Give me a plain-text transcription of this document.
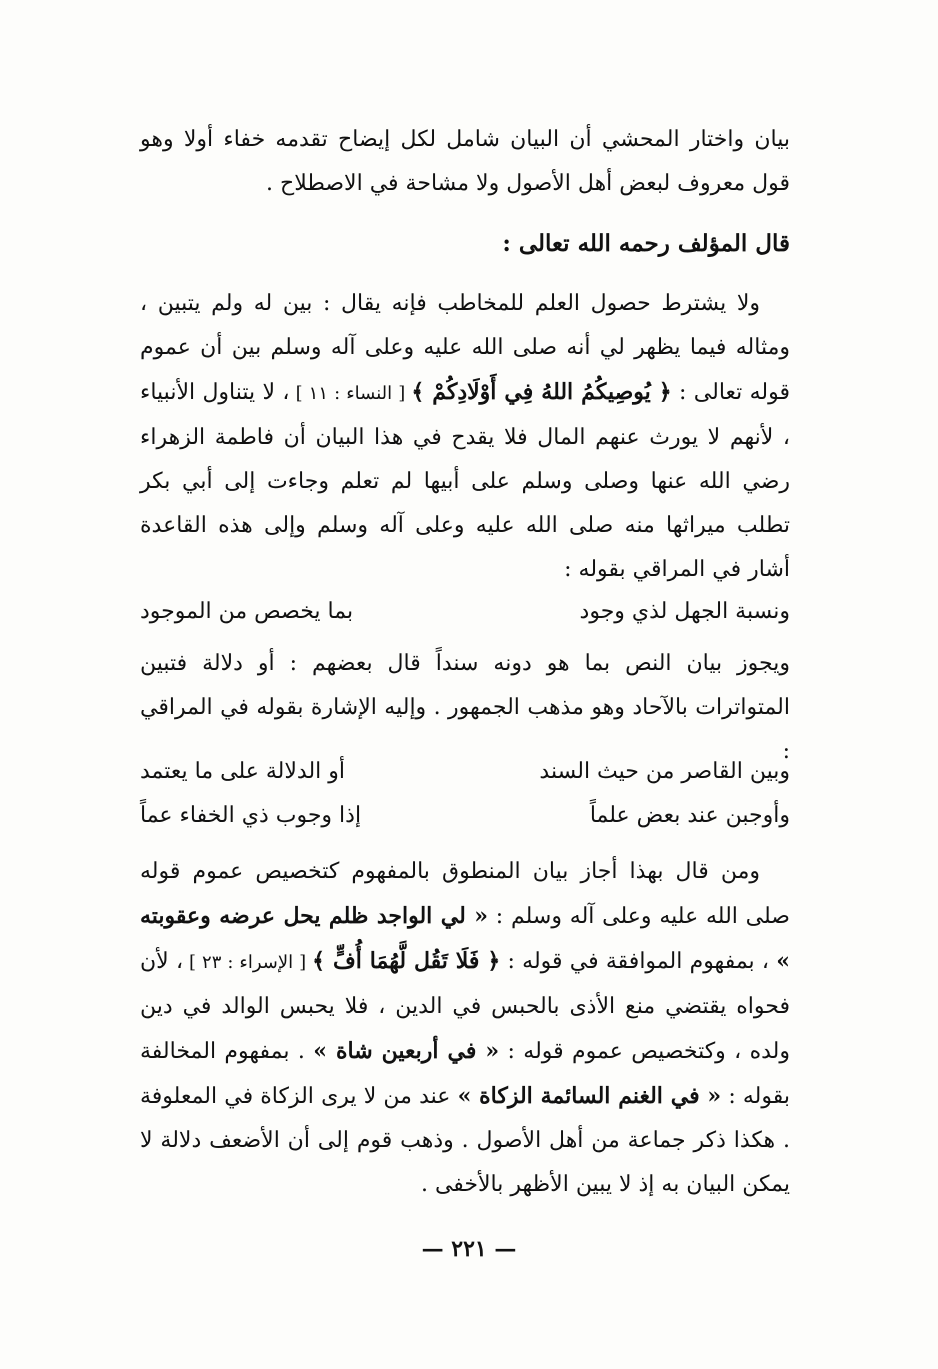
بيان واختار المحشي أن البيان شامل لكل إيضاح تقدمه خفاء أولا وهو قول معروف لبعض أهل الأصول ولا مشاحة في الاصطلاح .

قال المؤلف رحمه الله تعالى :

ولا يشترط حصول العلم للمخاطب فإنه يقال : بين له ولم يتبين ، ومثاله فيما يظهر لي أنه صلى الله عليه وعلى آله وسلم بين أن عموم قوله تعالى : ﴿ يُوصِيكُمُ اللهُ فِي أَوْلَادِكُمْ ﴾ [ النساء : ١١ ] ، لا يتناول الأنبياء ، لأنهم لا يورث عنهم المال فلا يقدح في هذا البيان أن فاطمة الزهراء رضي الله عنها وصلى وسلم على أبيها لم تعلم وجاءت إلى أبي بكر تطلب ميراثها منه صلى الله عليه وعلى آله وسلم وإلى هذه القاعدة أشار في المراقي بقوله :

ونسبة الجهل لذي وجود
بما يخصص من الموجود

ويجوز بيان النص بما هو دونه سنداً قال بعضهم : أو دلالة فتبين المتواترات بالآحاد وهو مذهب الجمهور . وإليه الإشارة بقوله في المراقي :

وبين القاصر من حيث السند
أو الدلالة على ما يعتمد
وأوجبن عند بعض علماً
إذا وجوب ذي الخفاء عماً

ومن قال بهذا أجاز بيان المنطوق بالمفهوم كتخصيص عموم قوله صلى الله عليه وعلى آله وسلم : « لي الواجد ظلم يحل عرضه وعقوبته » ، بمفهوم الموافقة في قوله : ﴿ فَلَا تَقُل لَّهُمَا أُفٍّ ﴾ [ الإسراء : ٢٣ ] ، لأن فحواه يقتضي منع الأذى بالحبس في الدين ، فلا يحبس الوالد في دين ولده ، وكتخصيص عموم قوله : « في أربعين شاة » . بمفهوم المخالفة بقوله : « في الغنم السائمة الزكاة » عند من لا يرى الزكاة في المعلوفة . هكذا ذكر جماعة من أهل الأصول . وذهب قوم إلى أن الأضعف دلالة لا يمكن البيان به إذ لا يبين الأظهر بالأخفى .

— ٢٢١ —
